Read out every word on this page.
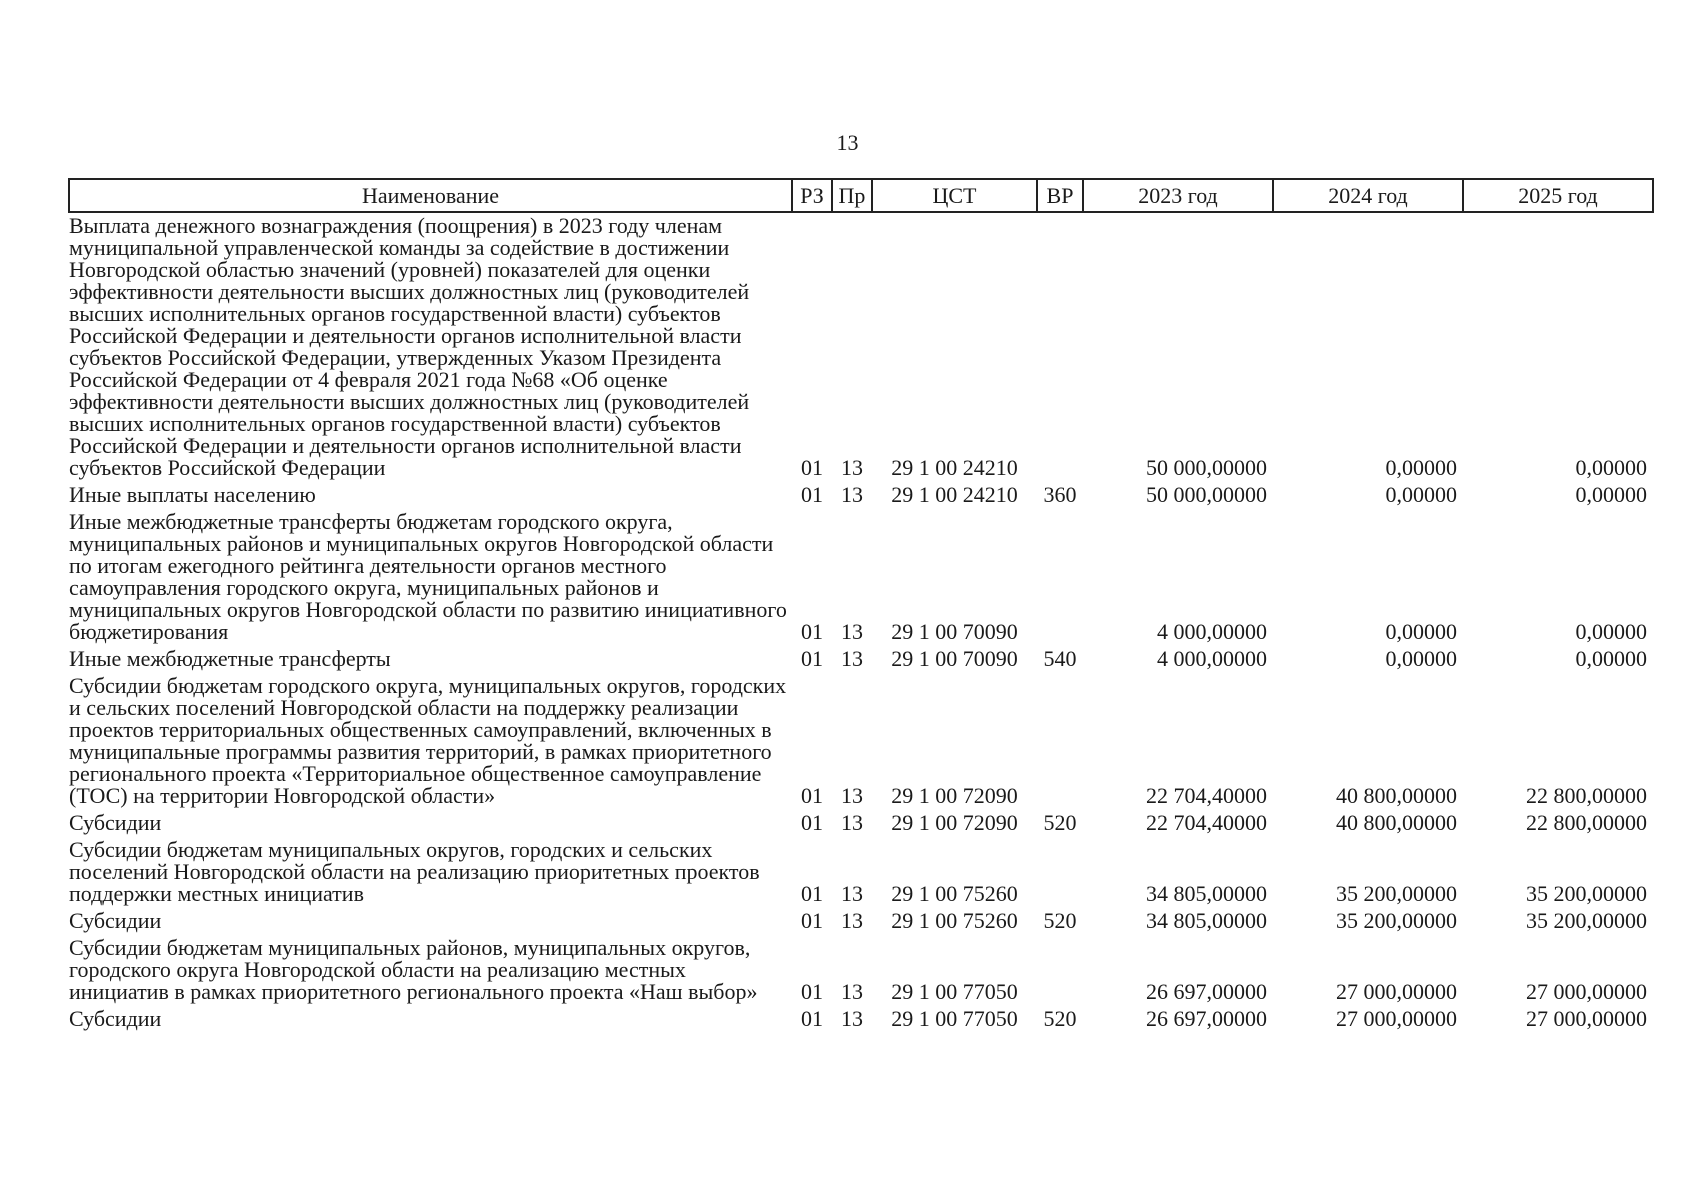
13
Наименование	РЗ	Пр	ЦСТ	ВР	2023 год	2024 год	2025 год
Выплата денежного вознаграждения (поощрения) в 2023 году членам муниципальной управленческой команды за содействие в достижении Новгородской областью значений (уровней) показателей для оценки эффективности деятельности высших должностных лиц (руководителей высших исполнительных органов государственной власти) субъектов Российской Федерации и деятельности органов исполнительной власти субъектов Российской Федерации, утвержденных Указом Президента Российской Федерации от 4 февраля 2021 года №68 «Об оценке эффективности деятельности высших должностных лиц (руководителей высших исполнительных органов государственной власти) субъектов Российской Федерации и деятельности органов исполнительной власти субъектов Российской Федерации	01	13	29 1 00 24210		50 000,00000	0,00000	0,00000
Иные выплаты населению	01	13	29 1 00 24210	360	50 000,00000	0,00000	0,00000
Иные межбюджетные трансферты бюджетам городского округа, муниципальных районов и муниципальных округов Новгородской области по итогам ежегодного рейтинга деятельности органов местного самоуправления городского округа, муниципальных районов и муниципальных округов Новгородской области по развитию инициативного бюджетирования	01	13	29 1 00 70090		4 000,00000	0,00000	0,00000
Иные межбюджетные трансферты	01	13	29 1 00 70090	540	4 000,00000	0,00000	0,00000
Субсидии бюджетам городского округа, муниципальных округов, городских и сельских поселений Новгородской области на поддержку реализации проектов территориальных общественных самоуправлений, включенных в муниципальные программы развития территорий, в рамках приоритетного регионального проекта «Территориальное общественное самоуправление (ТОС) на территории Новгородской области»	01	13	29 1 00 72090		22 704,40000	40 800,00000	22 800,00000
Субсидии	01	13	29 1 00 72090	520	22 704,40000	40 800,00000	22 800,00000
Субсидии бюджетам муниципальных округов, городских и сельских поселений Новгородской области на реализацию приоритетных проектов поддержки местных инициатив	01	13	29 1 00 75260		34 805,00000	35 200,00000	35 200,00000
Субсидии	01	13	29 1 00 75260	520	34 805,00000	35 200,00000	35 200,00000
Субсидии бюджетам муниципальных районов, муниципальных округов, городского округа Новгородской области на реализацию местных инициатив в рамках приоритетного регионального проекта «Наш выбор»	01	13	29 1 00 77050		26 697,00000	27 000,00000	27 000,00000
Субсидии	01	13	29 1 00 77050	520	26 697,00000	27 000,00000	27 000,00000
